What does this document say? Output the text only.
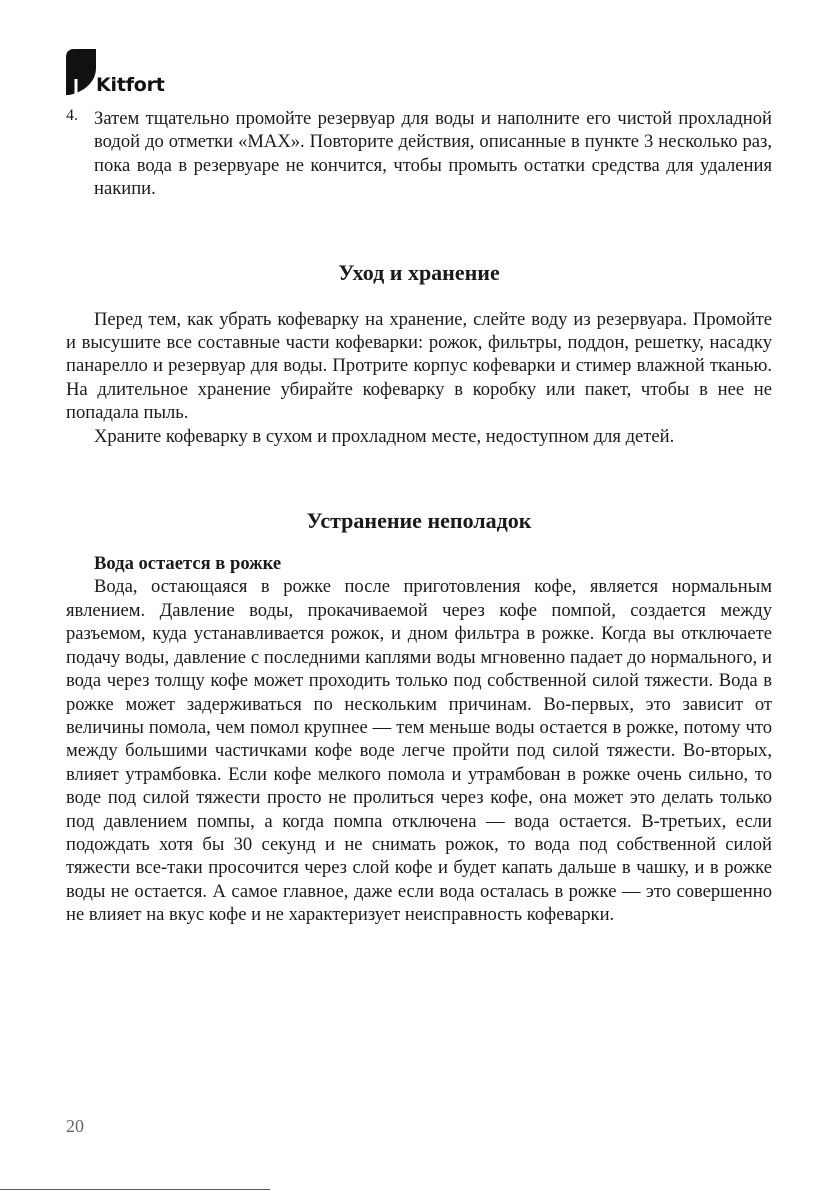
Kitfort
4. Затем тщательно промойте резервуар для воды и наполните его чистой прохладной водой до отметки «MAX». Повторите действия, описанные в пункте 3 несколько раз, пока вода в резервуаре не кончится, чтобы промыть остатки средства для удаления накипи.

Уход и хранение

Перед тем, как убрать кофеварку на хранение, слейте воду из резервуара. Промойте и высушите все составные части кофеварки: рожок, фильтры, поддон, решетку, насадку панарелло и резервуар для воды. Протрите корпус кофеварки и стимер влажной тканью. На длительное хранение убирайте кофеварку в коробку или пакет, чтобы в нее не попадала пыль.

Храните кофеварку в сухом и прохладном месте, недоступном для детей.

Устранение неполадок

Вода остается в рожке

Вода, остающаяся в рожке после приготовления кофе, является нормальным явлением. Давление воды, прокачиваемой через кофе помпой, создается между разъемом, куда устанавливается рожок, и дном фильтра в рожке. Когда вы отключаете подачу воды, давление с последними каплями воды мгновенно падает до нормального, и вода через толщу кофе может проходить только под собственной силой тяжести. Вода в рожке может задерживаться по нескольким причинам. Во-первых, это зависит от величины помола, чем помол крупнее — тем меньше воды остается в рожке, потому что между большими частичками кофе воде легче пройти под силой тяжести. Во-вторых, влияет утрамбовка. Если кофе мелкого помола и утрамбован в рожке очень сильно, то воде под силой тяжести просто не пролиться через кофе, она может это делать только под давлением помпы, а когда помпа отключена — вода остается. В-третьих, если подождать хотя бы 30 секунд и не снимать рожок, то вода под собственной силой тяжести все-таки просочится через слой кофе и будет капать дальше в чашку, и в рожке воды не остается. А самое главное, даже если вода осталась в рожке — это совершенно не влияет на вкус кофе и не характеризует неисправность кофеварки.

20
